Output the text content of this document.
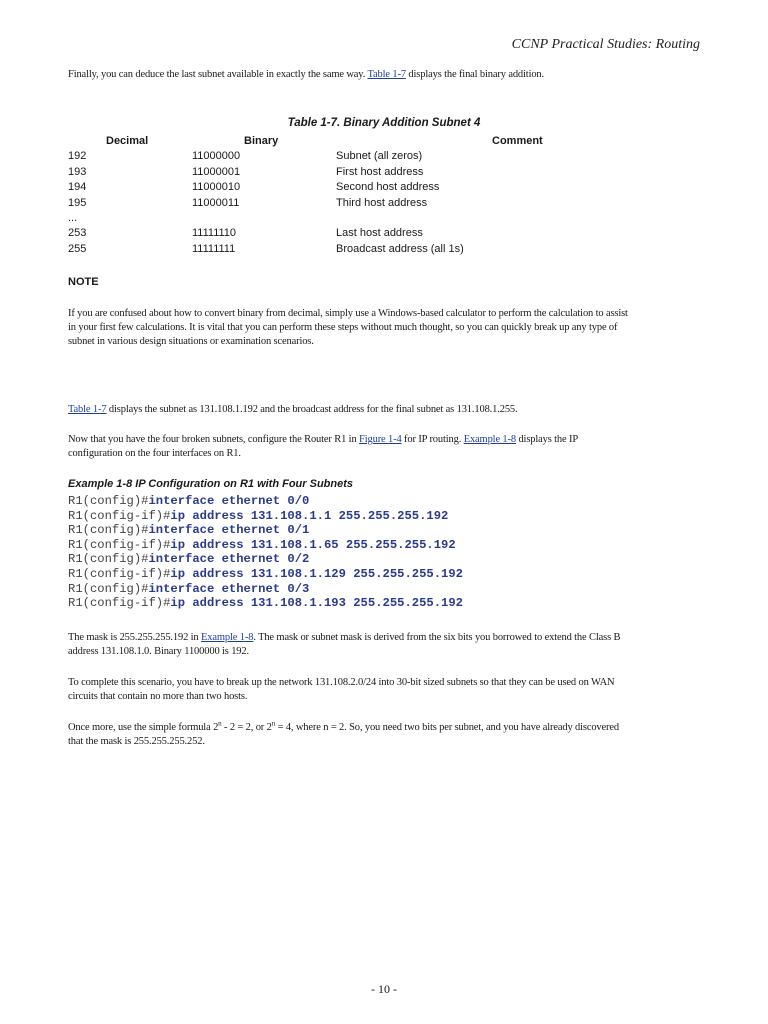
CCNP Practical Studies: Routing

Finally, you can deduce the last subnet available in exactly the same way. Table 1-7 displays the final binary addition.

Table 1-7. Binary Addition Subnet 4
Decimal	Binary	Comment
192	11000000	Subnet (all zeros)
193	11000001	First host address
194	11000010	Second host address
195	11000011	Third host address
...
253	11111110	Last host address
255	11111111	Broadcast address (all 1s)
NOTE
If you are confused about how to convert binary from decimal, simply use a Windows-based calculator to perform the calculation to assist
in your first few calculations. It is vital that you can perform these steps without much thought, so you can quickly break up any type of
subnet in various design situations or examination scenarios.

Table 1-7 displays the subnet as 131.108.1.192 and the broadcast address for the final subnet as 131.108.1.255.

Now that you have the four broken subnets, configure the Router R1 in Figure 1-4 for IP routing. Example 1-8 displays the IP
configuration on the four interfaces on R1.
Example 1-8 IP Configuration on R1 with Four Subnets
R1(config)#interface ethernet 0/0
R1(config-if)#ip address 131.108.1.1 255.255.255.192
R1(config)#interface ethernet 0/1
R1(config-if)#ip address 131.108.1.65 255.255.255.192
R1(config)#interface ethernet 0/2
R1(config-if)#ip address 131.108.1.129 255.255.255.192
R1(config)#interface ethernet 0/3
R1(config-if)#ip address 131.108.1.193 255.255.255.192
The mask is 255.255.255.192 in Example 1-8. The mask or subnet mask is derived from the six bits you borrowed to extend the Class B
address 131.108.1.0. Binary 1100000 is 192.
To complete this scenario, you have to break up the network 131.108.2.0/24 into 30-bit sized subnets so that they can be used on WAN
circuits that contain no more than two hosts.
Once more, use the simple formula 2$^n$ - 2 = 2, or $2^n = 4$, where n = 2. So, you need two bits per subnet, and you have already discovered
that the mask is 255.255.255.252.
- 10 -
